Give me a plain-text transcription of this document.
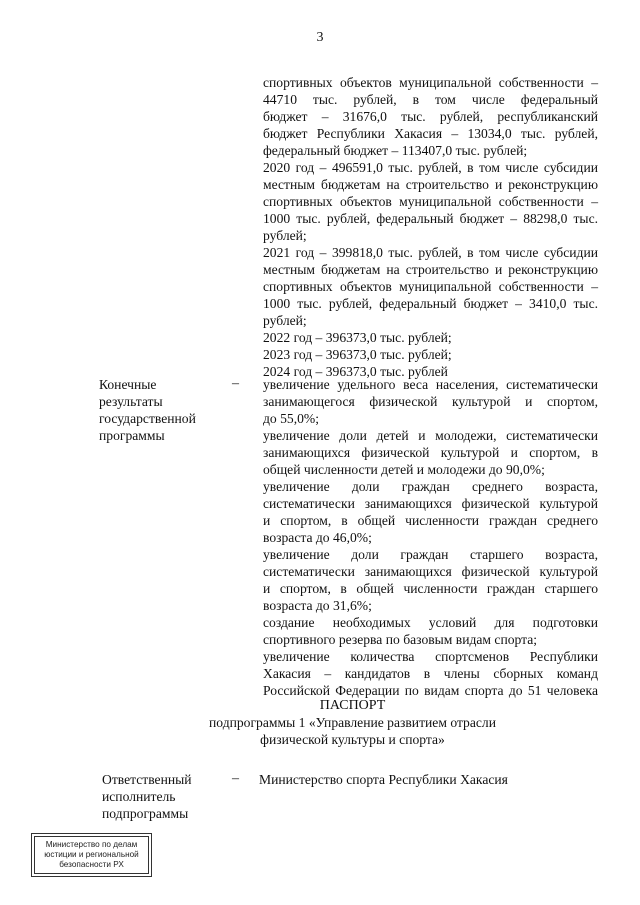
3
спортивных объектов муниципальной собственности –
44710 тыс. рублей, в том числе федеральный
бюджет – 31676,0 тыс. рублей, республиканский
бюджет Республики Хакасия – 13034,0 тыс. рублей,
федеральный бюджет – 113407,0 тыс. рублей;
2020 год – 496591,0 тыс. рублей, в том числе субсидии
местным бюджетам на строительство и реконструкцию
спортивных объектов муниципальной собственности –
1000 тыс. рублей, федеральный бюджет – 88298,0 тыс.
рублей;
2021 год – 399818,0 тыс. рублей, в том числе субсидии
местным бюджетам на строительство и реконструкцию
спортивных объектов муниципальной собственности –
1000 тыс. рублей, федеральный бюджет – 3410,0 тыс.
рублей;
2022 год – 396373,0 тыс. рублей;
2023 год – 396373,0 тыс. рублей;
2024 год – 396373,0 тыс. рублей
Конечные
результаты
государственной
программы
– увеличение удельного веса населения, систематически
занимающегося физической культурой и спортом,
до 55,0%;
увеличение доли детей и молодежи, систематически
занимающихся физической культурой и спортом, в
общей численности детей и молодежи до 90,0%;
увеличение доли граждан среднего возраста,
систематически занимающихся физической культурой
и спортом, в общей численности граждан среднего
возраста до 46,0%;
увеличение доли граждан старшего возраста,
систематически занимающихся физической культурой
и спортом, в общей численности граждан старшего
возраста до 31,6%;
создание необходимых условий для подготовки
спортивного резерва по базовым видам спорта;
увеличение количества спортсменов Республики
Хакасия – кандидатов в члены сборных команд
Российской Федерации по видам спорта до 51 человека
ПАСПОРТ
подпрограммы 1 «Управление развитием отрасли
физической культуры и спорта»
Ответственный
исполнитель
подпрограммы
– Министерство спорта Республики Хакасия
Министерство по делам
юстиции и региональной
безопасности РХ
